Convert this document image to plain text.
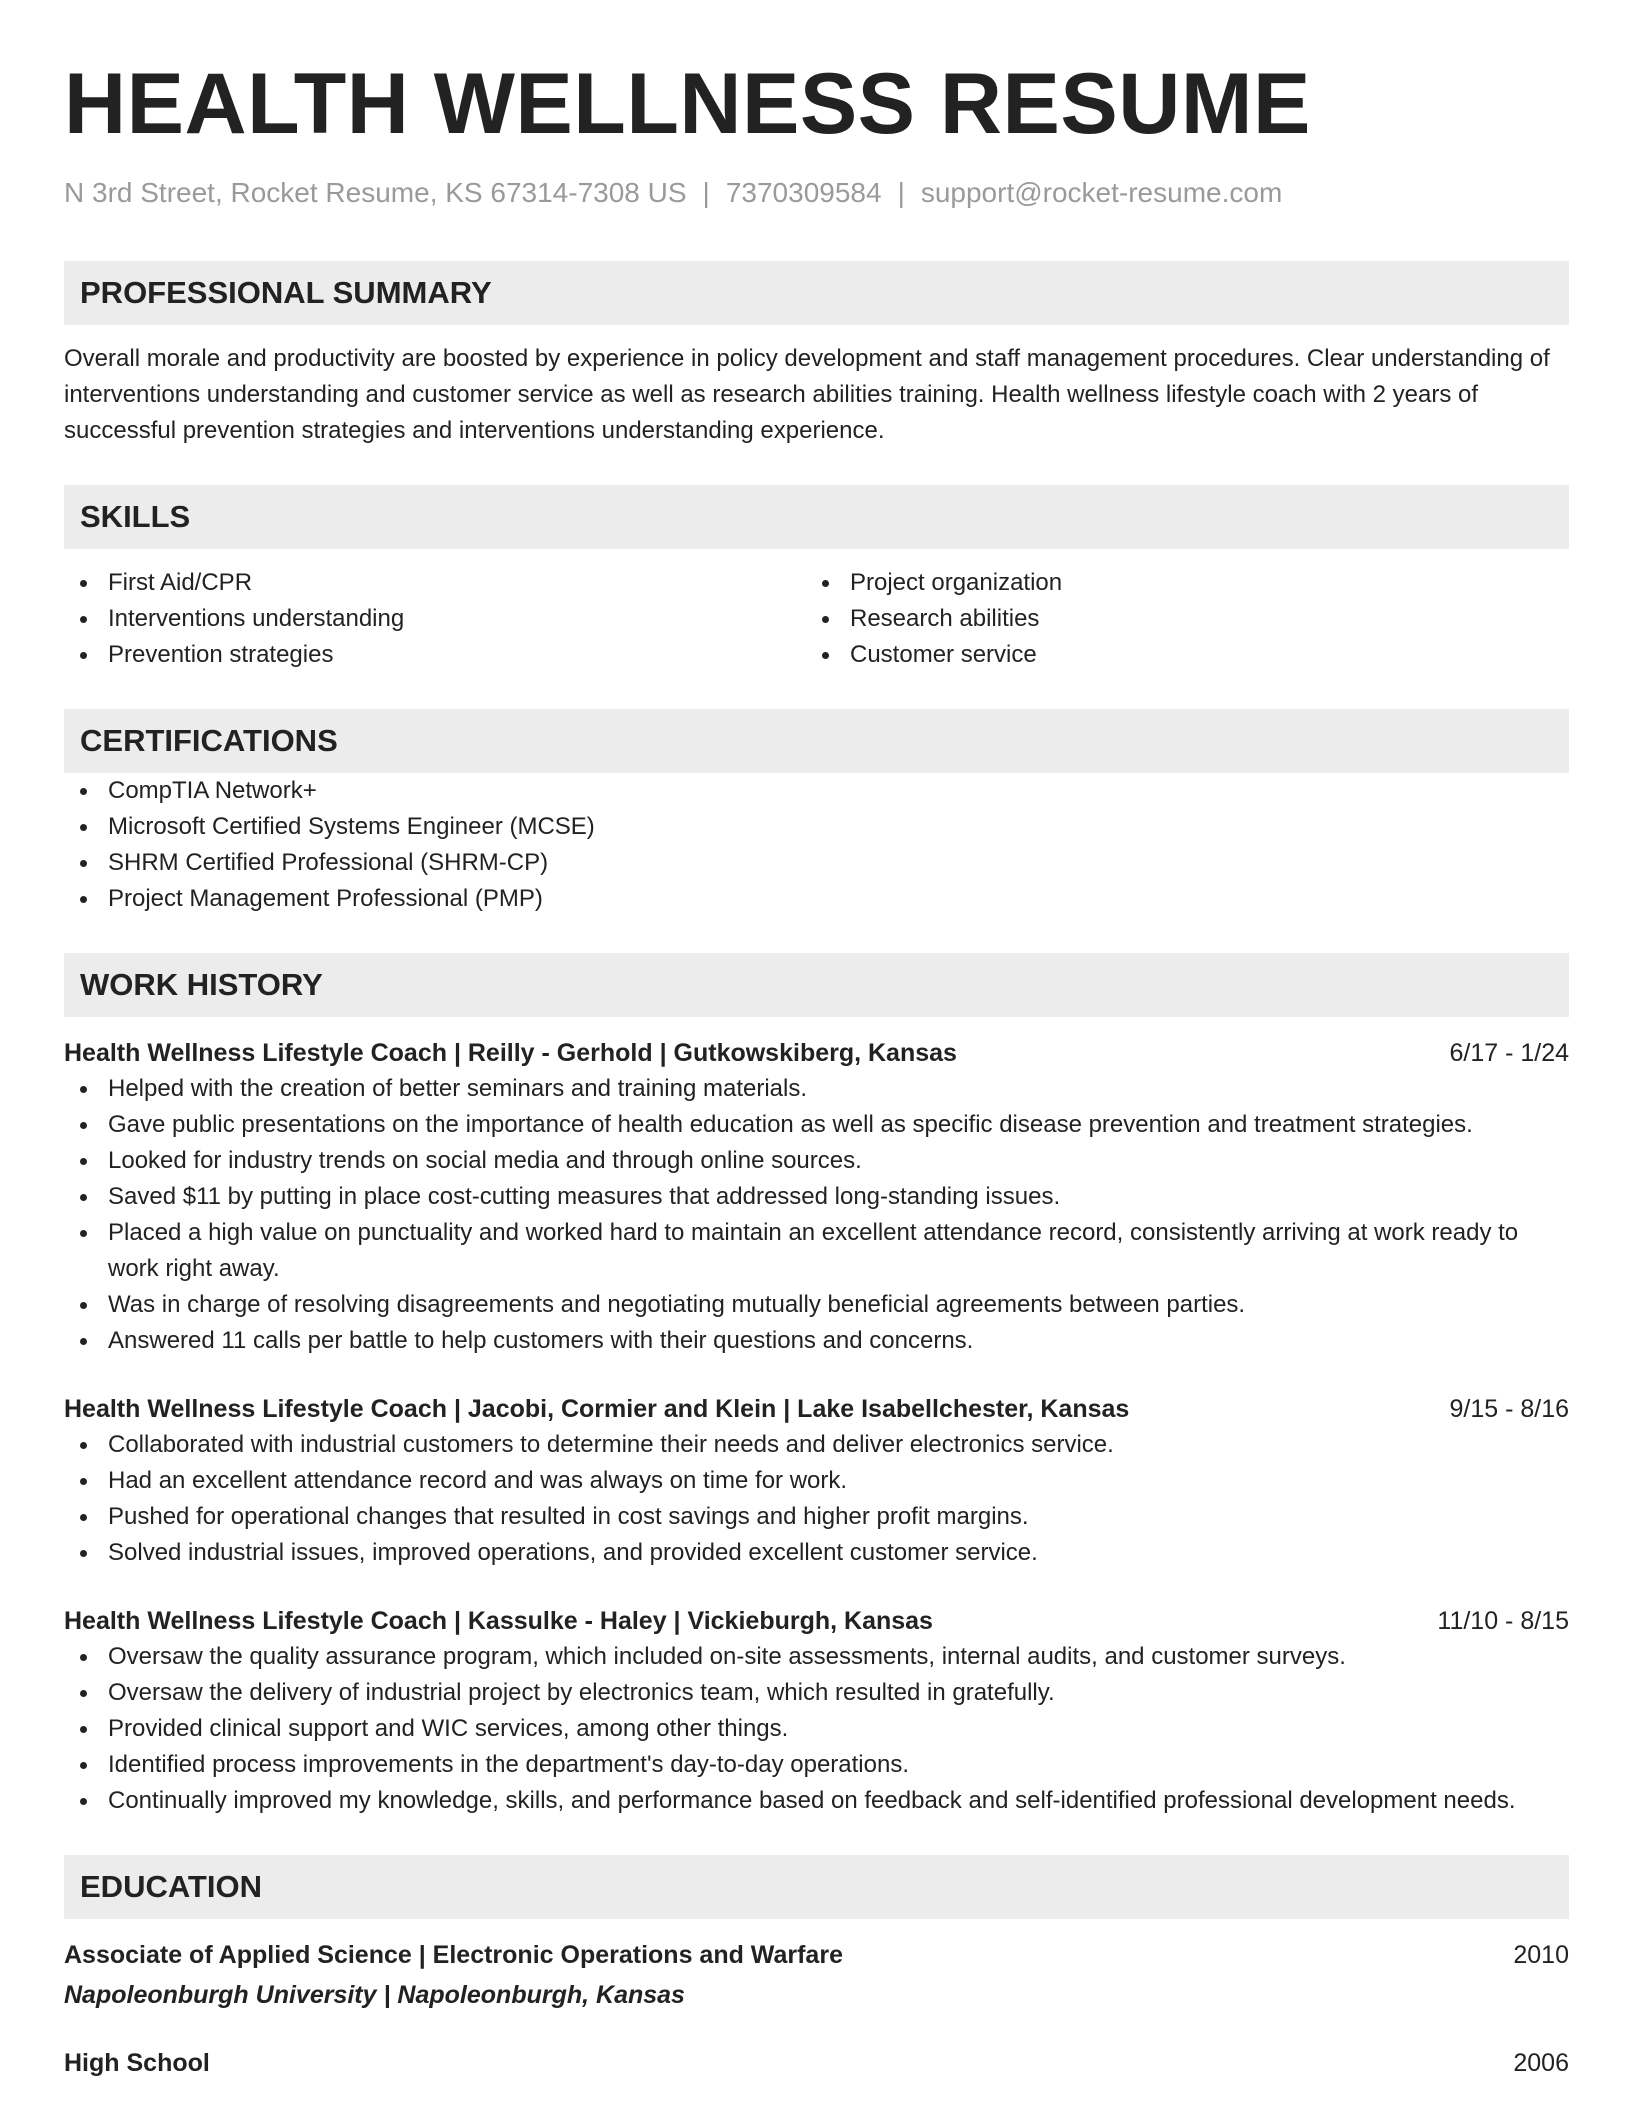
HEALTH WELLNESS RESUME
N 3rd Street, Rocket Resume, KS 67314-7308 US | 7370309584 | support@rocket-resume.com
PROFESSIONAL SUMMARY
Overall morale and productivity are boosted by experience in policy development and staff management procedures. Clear understanding of interventions understanding and customer service as well as research abilities training. Health wellness lifestyle coach with 2 years of successful prevention strategies and interventions understanding experience.
SKILLS
First Aid/CPR
Interventions understanding
Prevention strategies
Project organization
Research abilities
Customer service
CERTIFICATIONS
CompTIA Network+
Microsoft Certified Systems Engineer (MCSE)
SHRM Certified Professional (SHRM-CP)
Project Management Professional (PMP)
WORK HISTORY
Health Wellness Lifestyle Coach | Reilly - Gerhold | Gutkowskiberg, Kansas	6/17 - 1/24
Helped with the creation of better seminars and training materials.
Gave public presentations on the importance of health education as well as specific disease prevention and treatment strategies.
Looked for industry trends on social media and through online sources.
Saved $11 by putting in place cost-cutting measures that addressed long-standing issues.
Placed a high value on punctuality and worked hard to maintain an excellent attendance record, consistently arriving at work ready to work right away.
Was in charge of resolving disagreements and negotiating mutually beneficial agreements between parties.
Answered 11 calls per battle to help customers with their questions and concerns.
Health Wellness Lifestyle Coach | Jacobi, Cormier and Klein | Lake Isabellchester, Kansas	9/15 - 8/16
Collaborated with industrial customers to determine their needs and deliver electronics service.
Had an excellent attendance record and was always on time for work.
Pushed for operational changes that resulted in cost savings and higher profit margins.
Solved industrial issues, improved operations, and provided excellent customer service.
Health Wellness Lifestyle Coach | Kassulke - Haley | Vickieburgh, Kansas	11/10 - 8/15
Oversaw the quality assurance program, which included on-site assessments, internal audits, and customer surveys.
Oversaw the delivery of industrial project by electronics team, which resulted in gratefully.
Provided clinical support and WIC services, among other things.
Identified process improvements in the department's day-to-day operations.
Continually improved my knowledge, skills, and performance based on feedback and self-identified professional development needs.
EDUCATION
Associate of Applied Science | Electronic Operations and Warfare	2010
Napoleonburgh University | Napoleonburgh, Kansas
High School	2006
